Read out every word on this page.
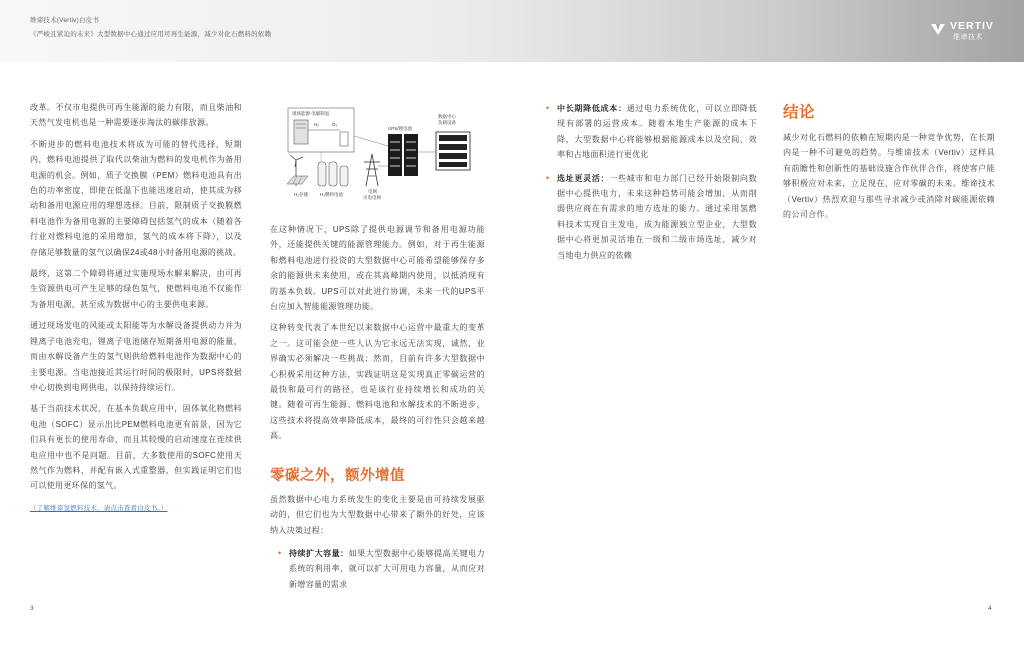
维谛技术(Vertiv)白皮书
《严峻且紧迫的未来》大型数据中心通过应用可再生能源，减少对化石燃料的依赖
VERTIV
维谛技术

改革。不仅市电提供可再生能源的能力有限，而且柴油和天然气发电机也是一种需要逐步淘汰的碳排放源。

不断进步的燃料电池技术将成为可能的替代选择，短期内，燃料电池提供了取代以柴油为燃料的发电机作为备用电源的机会。例如，质子交换膜（PEM）燃料电池具有出色的功率密度，即使在低温下也能迅速启动，使其成为移动和备用电源应用的理想选择。目前，限制质子交换膜燃料电池作为备用电源的主要障碍包括氢气的成本（随着各行业对燃料电池的采用增加，氢气的成本将下降），以及存储足够数量的氢气以确保24或48小时备用电源的挑战。

最终，这第二个障碍将通过实施现场水解来解决，由可再生资源供电可产生足够的绿色氢气，使燃料电池不仅能作为备用电源，甚至成为数据中心的主要供电来源。

通过现场发电的风能或太阳能等为水解设备提供动力并为锂离子电池充电，锂离子电池储存短期备用电源的能量，而由水解设备产生的氢气则供给燃料电池作为数据中心的主要电源。当电池接近其运行时间的极限时，UPS将数据中心切换到电网供电，以保持持续运行。

基于当前技术状况，在基本负载应用中，固体氧化物燃料电池（SOFC）显示出比PEM燃料电池更有前景，因为它们具有更长的使用寿命，而且其较慢的启动速度在连续供电应用中也不是问题。目前，大多数使用的SOFC使用天然气作为燃料，并配有嵌入式重整器，但实践证明它们也可以使用更环保的氢气。

（了解维谛氢燃料技术，请点击查看白皮书。）
现场能源 电解制氢
H₂	O₂
H₂存储	H₂燃料电池
电网
市电电网
UPS/锂电池
数据中心
负载设备

在这种情况下，UPS除了提供电源调节和备用电源功能外，还能提供关键的能源管理能力。例如，对于再生能源和燃料电池进行投资的大型数据中心可能希望能够保存多余的能源供未来使用，或在其高峰期内使用，以抵消现有的基本负载。UPS可以对此进行协调，未来一代的UPS平台应加入智能能源管理功能。

这种转变代表了本世纪以来数据中心运营中最重大的变革之一。这可能会使一些人认为它永远无法实现，诚然，业界确实必须解决一些挑战；然而，目前有许多大型数据中心积极采用这种方法，实践证明这是实现真正零碳运营的最快和最可行的路径，也是该行业持续增长和成功的关键。随着可再生能源、燃料电池和水解技术的不断进步，这些技术将提高效率降低成本，最终的可行性只会越来越高。

零碳之外，额外增值

虽然数据中心电力系统发生的变化主要是由可持续发展驱动的，但它们也为大型数据中心带来了额外的好处，应该纳入决策过程：

• 持续扩大容量：如果大型数据中心能够提高关键电力系统的利用率，就可以扩大可用电力容量，从而应对新增容量的需求
• 中长期降低成本：通过电力系统优化，可以立即降低现有部署的运营成本。随着本地生产能源的成本下降，大型数据中心将能够根据能源成本以及空间、效率和占地面积进行更优化
• 选址更灵活：一些城市和电力部门已经开始限制向数据中心提供电力，未来这种趋势可能会增加，从而削弱供应商在有需求的地方选址的能力。通过采用氢燃料技术实现自主发电，成为能源独立型企业，大型数据中心将更加灵活地在一级和二级市场选址，减少对当地电力供应的依赖
结论

减少对化石燃料的依赖在短期内是一种竞争优势，在长期内是一种不可避免的趋势。与维谛技术（Vertiv）这样具有前瞻性和创新性的基础设施合作伙伴合作，将使客户能够积极应对未来，立足现在，应对零碳的未来。维谛技术（Vertiv）热烈欢迎与那些寻求减少或消除对碳能源依赖的公司合作。

3	4
